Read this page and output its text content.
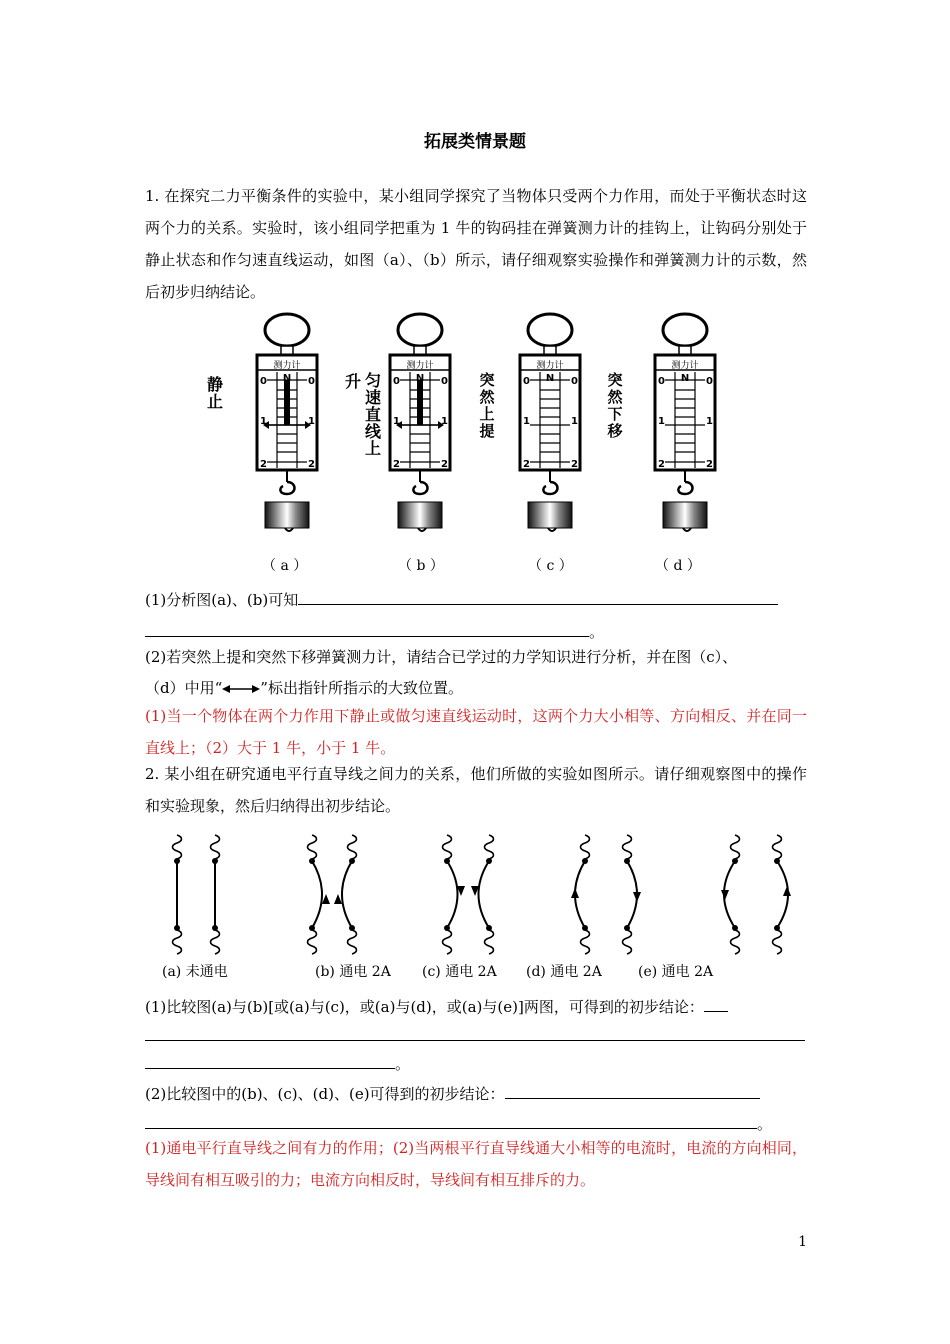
拓展类情景题
1. 在探究二力平衡条件的实验中，某小组同学探究了当物体只受两个力作用，而处于平衡状态时这两个力的关系。实验时，该小组同学把重为 1 牛的钩码挂在弹簧测力计的挂钩上，让钩码分别处于静止状态和作匀速直线运动，如图（a）、（b）所示，请仔细观察实验操作和弹簧测力计的示数，然后初步归纳结论。
测力计
N
0	0
1	1
2	2
测力计
N
0	0
1	1
2	2
测力计
N
0	0
1	1
2	2
测力计
N
0	0
1	1
2	2
静止
升 匀速直线上
突然上提
突然下移
（ a ）	（ b ）	（ c ）	（ d ）
(1)分析图(a)、(b)可知
。
(2)若突然上提和突然下移弹簧测力计，请结合已学过的力学知识进行分析，并在图（c）、
（d）中用“	”标出指针所指示的大致位置。
(1)当一个物体在两个力作用下静止或做匀速直线运动时，这两个力大小相等、方向相反、并在同一直线上；（2）大于 1 牛，小于 1 牛。
2. 某小组在研究通电平行直导线之间力的关系，他们所做的实验如图所示。请仔细观察图中的操作和实验现象，然后归纳得出初步结论。
(a) 未通电	(b) 通电 2A (c) 通电 2A (d) 通电 2A	(e) 通电 2A
(1)比较图(a)与(b)[或(a)与(c)，或(a)与(d)，或(a)与(e)]两图，可得到的初步结论：
。
(2)比较图中的(b)、(c)、(d)、(e)可得到的初步结论：
。
(1)通电平行直导线之间有力的作用；(2)当两根平行直导线通大小相等的电流时，电流的方向相同，导线间有相互吸引的力；电流方向相反时，导线间有相互排斥的力。
1
